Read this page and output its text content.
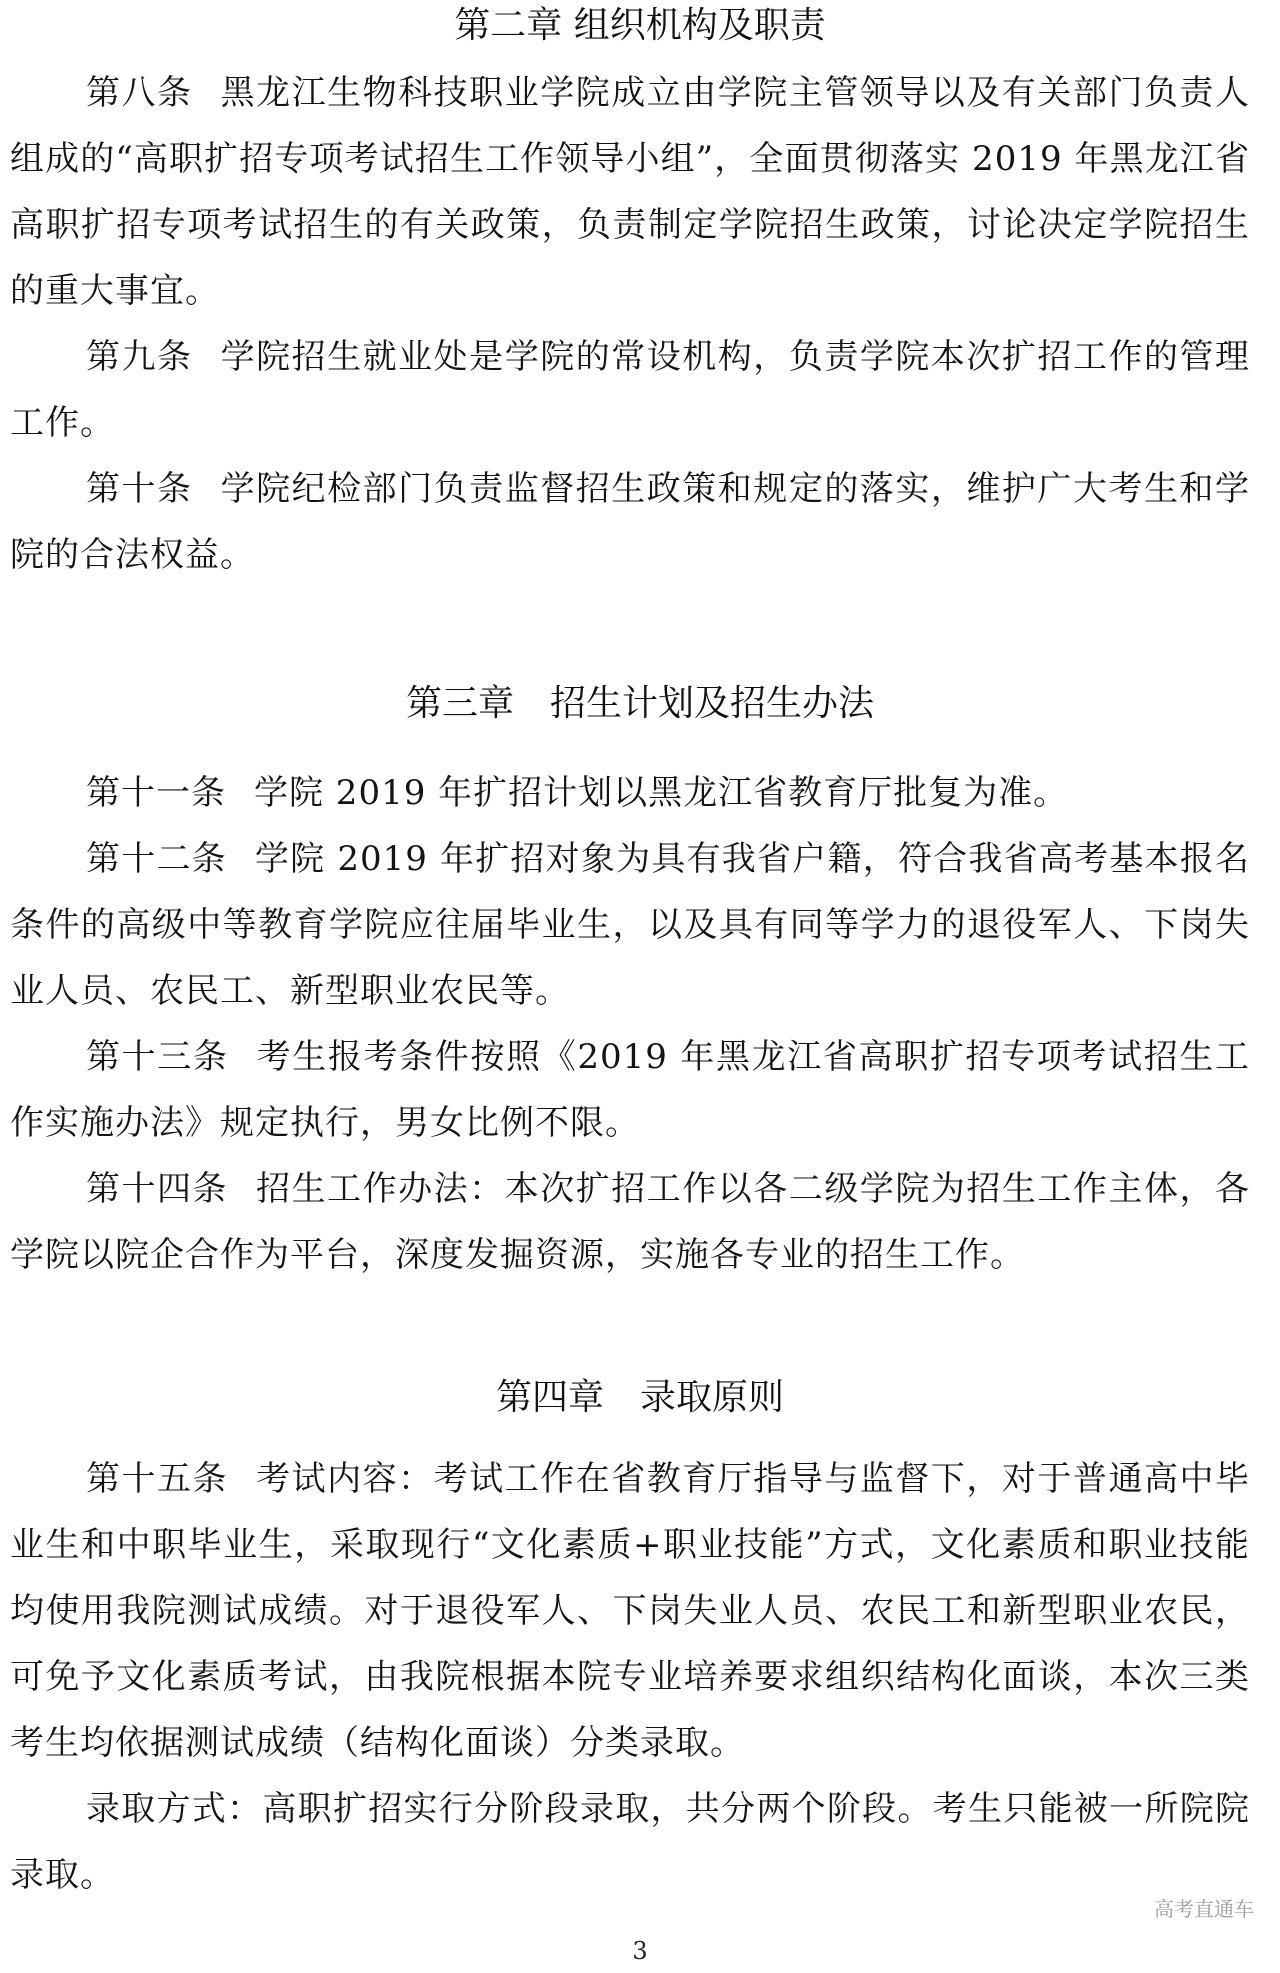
第二章 组织机构及职责

第八条 黑龙江生物科技职业学院成立由学院主管领导以及有关部门负责人组成的“高职扩招专项考试招生工作领导小组”，全面贯彻落实 2019 年黑龙江省高职扩招专项考试招生的有关政策，负责制定学院招生政策，讨论决定学院招生的重大事宜。

第九条 学院招生就业处是学院的常设机构，负责学院本次扩招工作的管理工作。

第十条 学院纪检部门负责监督招生政策和规定的落实，维护广大考生和学院的合法权益。

第三章　招生计划及招生办法

第十一条 学院 2019 年扩招计划以黑龙江省教育厅批复为准。

第十二条 学院 2019 年扩招对象为具有我省户籍，符合我省高考基本报名条件的高级中等教育学院应往届毕业生，以及具有同等学力的退役军人、下岗失业人员、农民工、新型职业农民等。

第十三条 考生报考条件按照《2019 年黑龙江省高职扩招专项考试招生工作实施办法》规定执行，男女比例不限。

第十四条 招生工作办法：本次扩招工作以各二级学院为招生工作主体，各学院以院企合作为平台，深度发掘资源，实施各专业的招生工作。

第四章　录取原则

第十五条 考试内容：考试工作在省教育厅指导与监督下，对于普通高中毕业生和中职毕业生，采取现行“文化素质+职业技能”方式，文化素质和职业技能均使用我院测试成绩。对于退役军人、下岗失业人员、农民工和新型职业农民，可免予文化素质考试，由我院根据本院专业培养要求组织结构化面谈，本次三类考生均依据测试成绩（结构化面谈）分类录取。

录取方式：高职扩招实行分阶段录取，共分两个阶段。考生只能被一所院院录取。

高考直通车
3
